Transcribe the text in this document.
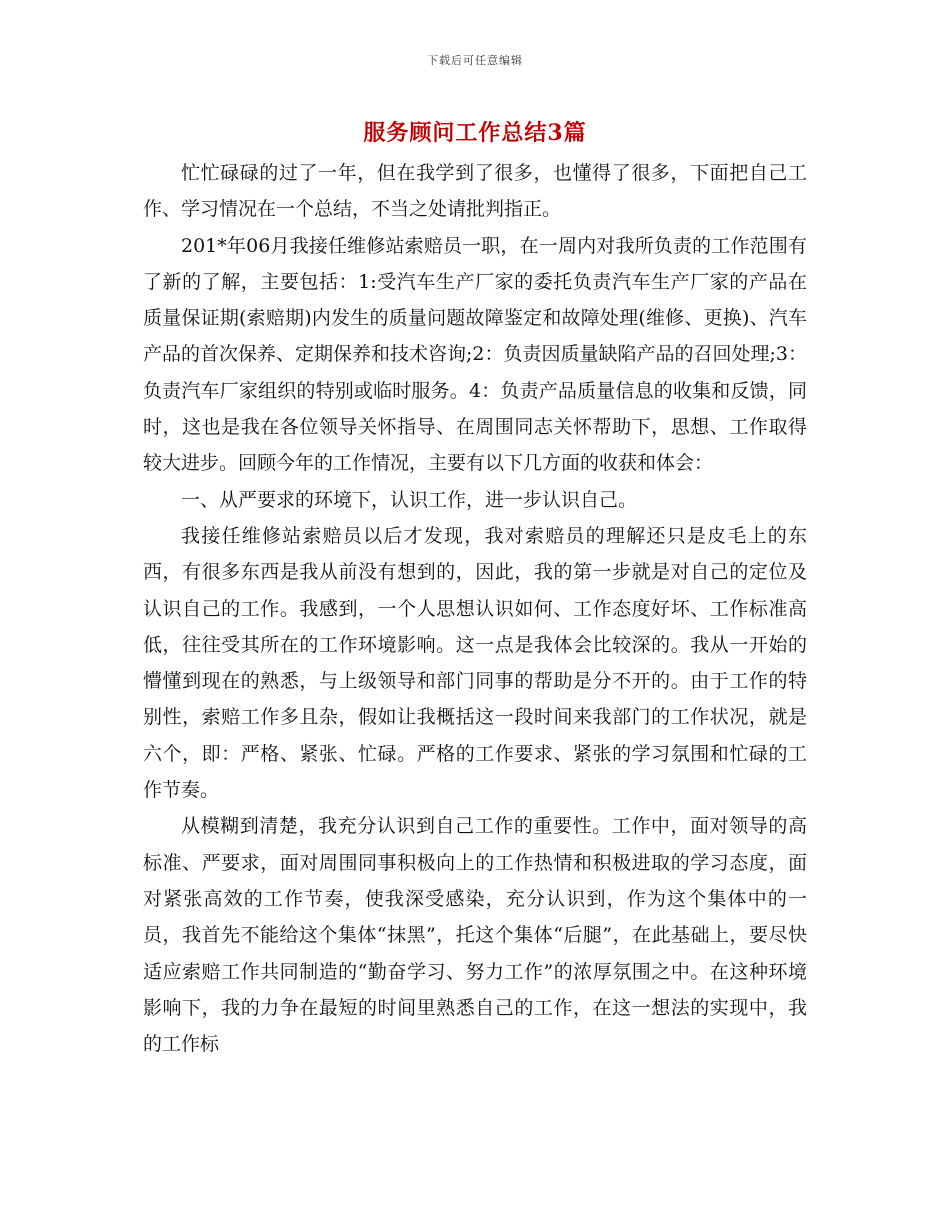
下载后可任意编辑
服务顾问工作总结3篇

忙忙碌碌的过了一年，但在我学到了很多，也懂得了很多，下面把自己工作、学习情况在一个总结，不当之处请批判指正。

201*年06月我接任维修站索赔员一职，在一周内对我所负责的工作范围有了新的了解，主要包括：1:受汽车生产厂家的委托负责汽车生产厂家的产品在质量保证期(索赔期)内发生的质量问题故障鉴定和故障处理(维修、更换)、汽车产品的首次保养、定期保养和技术咨询;2：负责因质量缺陷产品的召回处理;3：负责汽车厂家组织的特别或临时服务。4：负责产品质量信息的收集和反馈，同时，这也是我在各位领导关怀指导、在周围同志关怀帮助下，思想、工作取得较大进步。回顾今年的工作情况，主要有以下几方面的收获和体会：

一、从严要求的环境下，认识工作，进一步认识自己。

我接任维修站索赔员以后才发现，我对索赔员的理解还只是皮毛上的东西，有很多东西是我从前没有想到的，因此，我的第一步就是对自己的定位及认识自己的工作。我感到，一个人思想认识如何、工作态度好坏、工作标准高低，往往受其所在的工作环境影响。这一点是我体会比较深的。我从一开始的懵懂到现在的熟悉，与上级领导和部门同事的帮助是分不开的。由于工作的特别性，索赔工作多且杂，假如让我概括这一段时间来我部门的工作状况，就是六个，即：严格、紧张、忙碌。严格的工作要求、紧张的学习氛围和忙碌的工作节奏。

从模糊到清楚，我充分认识到自己工作的重要性。工作中，面对领导的高标准、严要求，面对周围同事积极向上的工作热情和积极进取的学习态度，面对紧张高效的工作节奏，使我深受感染，充分认识到，作为这个集体中的一员，我首先不能给这个集体“抹黑”，托这个集体“后腿”，在此基础上，要尽快适应索赔工作共同制造的“勤奋学习、努力工作”的浓厚氛围之中。在这种环境影响下，我的力争在最短的时间里熟悉自己的工作，在这一想法的实现中，我的工作标
